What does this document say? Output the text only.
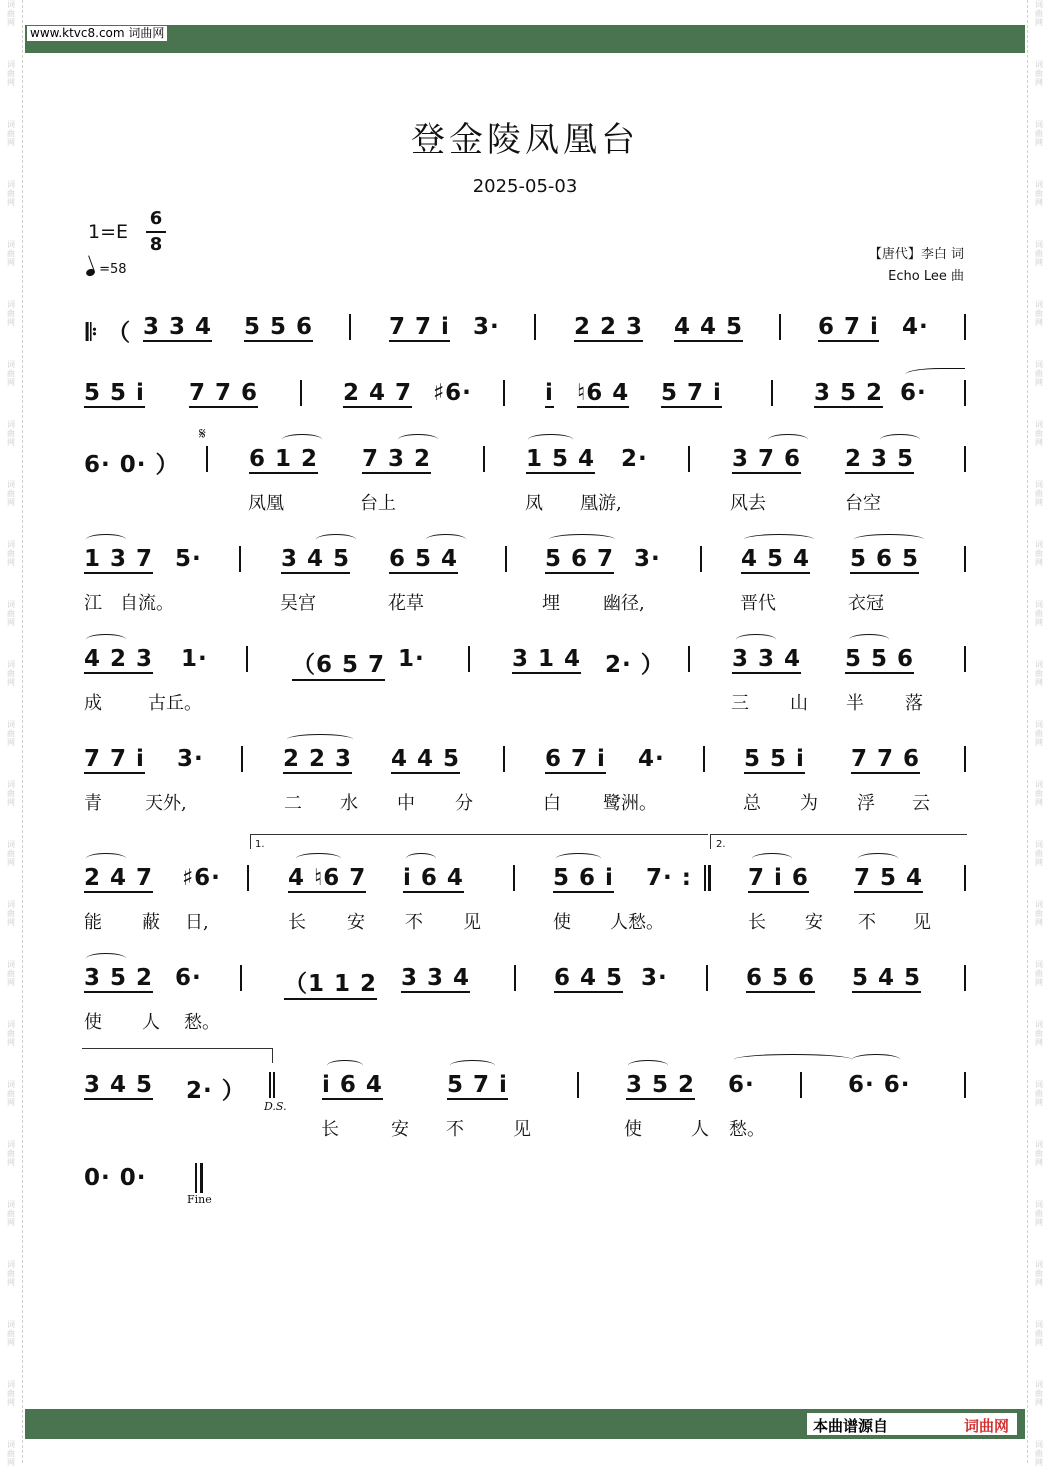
词
曲
网
词
曲
网
词
曲
网
词
曲
网
词
曲
网
词
曲
网
词
曲
网
词
曲
网
词
曲
网
词
曲
网
词
曲
网
词
曲
网
词
曲
网
词
曲
网
词
曲
网
词
曲
网
词
曲
网
词
曲
网
词
曲
网
词
曲
网
词
曲
网
词
曲
网
词
曲
网
词
曲
网
词
曲
网
词
曲
网
词
曲
网
词
曲
网
词
曲
网
词
曲
网
词
曲
网
词
曲
网
词
曲
网
词
曲
网
词
曲
网
词
曲
网
词
曲
网
词
曲
网
词
曲
网
词
曲
网
词
曲
网
词
曲
网
词
曲
网
词
曲
网
词
曲
网
词
曲
网
词
曲
网
词
曲
网
词
曲
网
词
曲
网
www.ktvc8.com 词曲网
登金陵凤凰台
2025-05-03
1=E
6
8
=58
【唐代】李白 词
Echo Lee 曲
𝄆 （ 3 3 4 5 5 6	7 7 i 3·	2 2 3 4 4 5	6 7 i 4·
5 5 i 7 7 6	2 4 7 ♯6·	i ♮6 4 5 7 i	3 5 2 6·
6· 0· ）
𝄋
6 1 2 7 3 2	1 5 4 2·	3 7 6 2 3 5
凤凰	台上	凤 凰游,	风去	台空
1 3 7 5·	3 4 5 6 5 4	5 6 7 3·	4 5 4 5 6 5
江 自流。	吴宫	花草	埋 幽径,	晋代	衣冠
4 2 3 1·	（6 5 7 1·	3 1 4 2· ）	3 3 4 5 5 6
成	古丘。	三 山 半 落
7 7 i 3·	2 2 3 4 4 5	6 7 i 4·	5 5 i 7 7 6
青 天外,	二 水 中 分	白 鹭洲。	总 为 浮 云
1.	2.
2 4 7 ♯6·	4 ♮6 7 i 6 4	5 6 i 7· : 7 i 6 7 5 4
能 蔽 日,	长 安 不 见	使 人愁。	长 安 不 见
3 5 2 6·	（1 1 2 3 3 4	6 4 5 3·	6 5 6 5 4 5
使 人 愁。
3 4 5 2· ）
D.S.
i 6 4	5 7 i	3 5 2 6·	6· 6·
长	安 不	见	使	人 愁。
0· 0·
Fine
本曲谱源自	词曲网
